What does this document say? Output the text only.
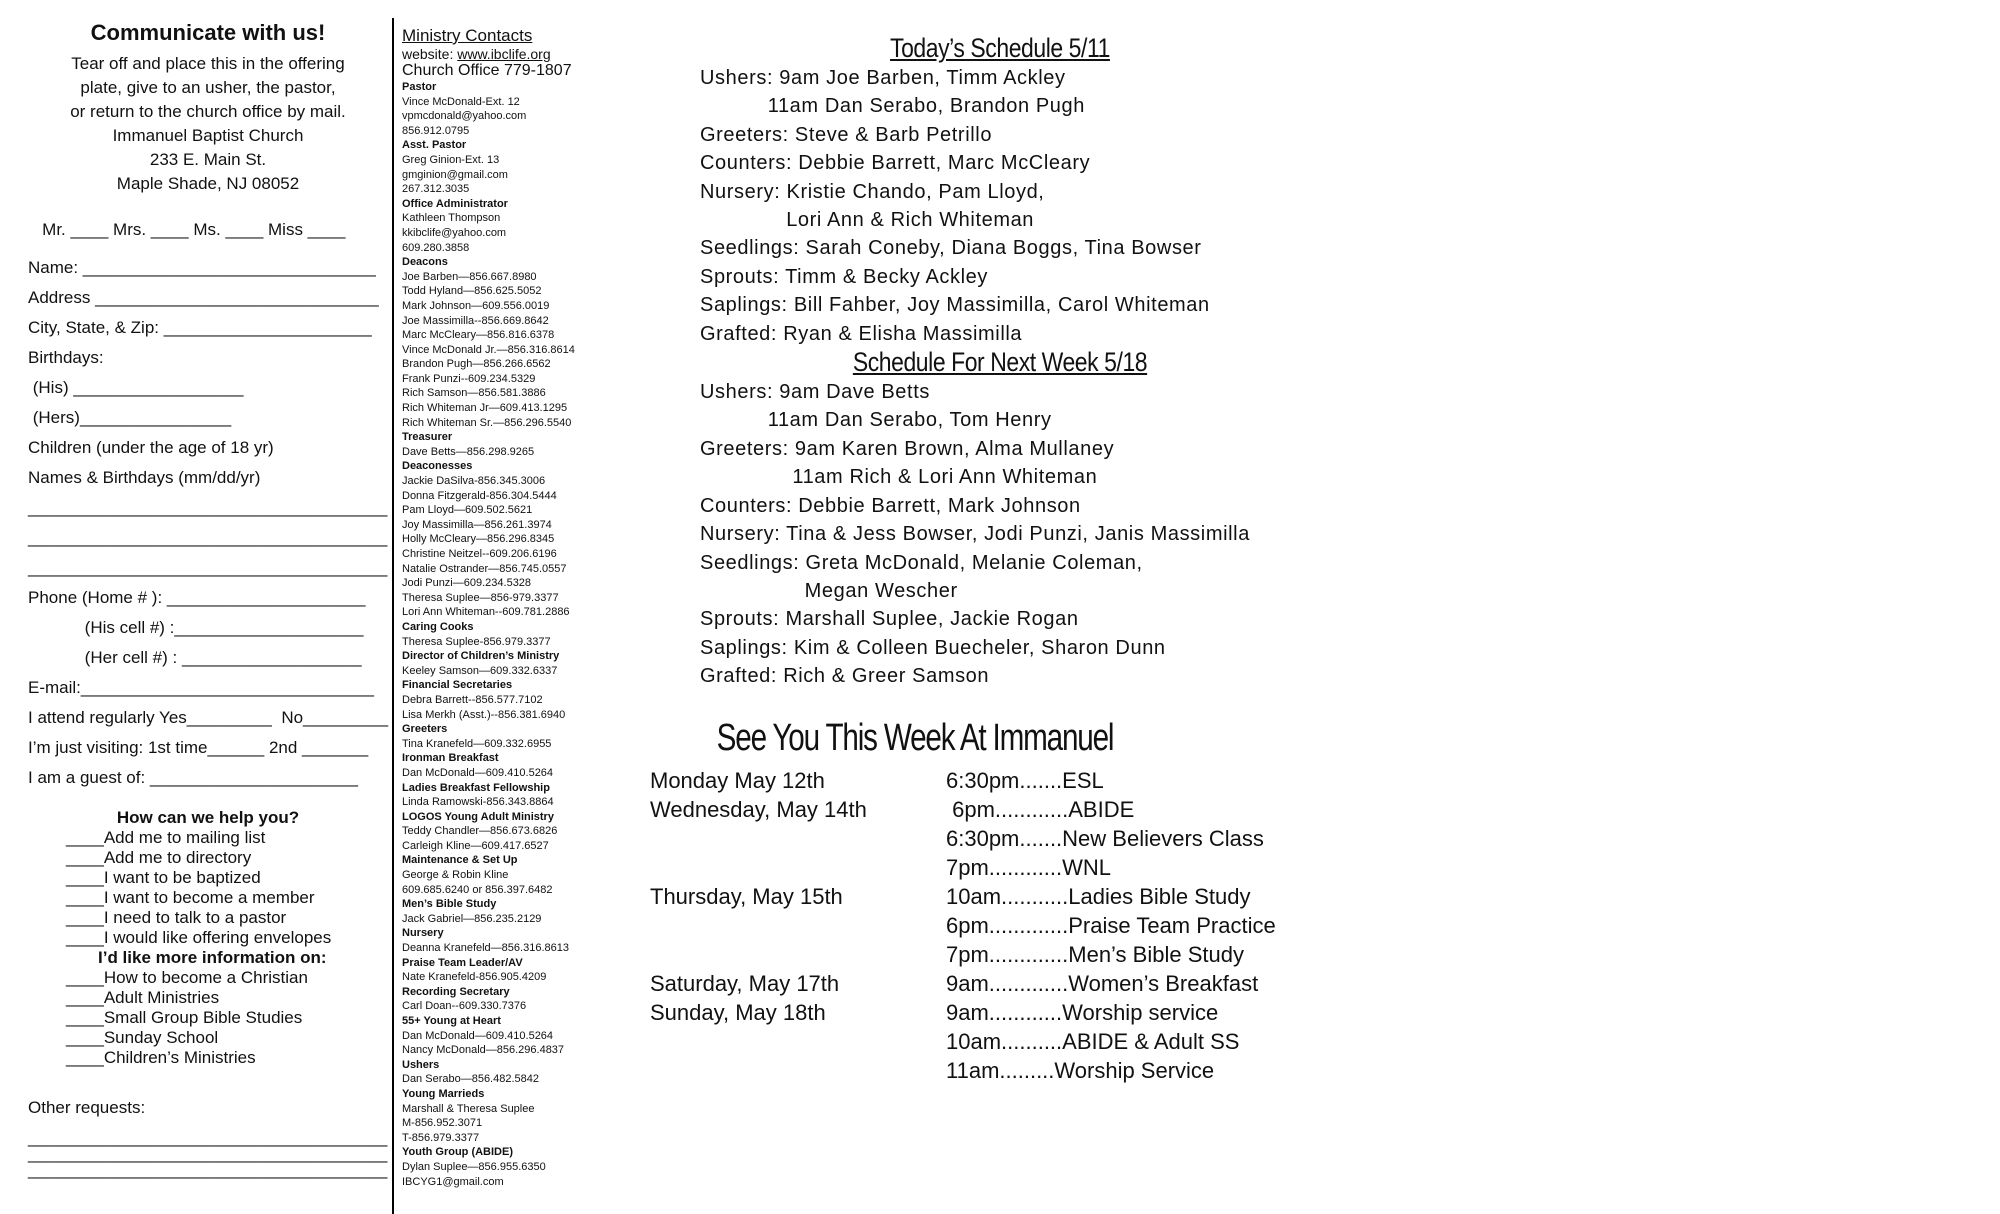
Communicate with us!
Tear off and place this in the offering
plate, give to an usher, the pastor,
or return to the church office by mail.
Immanuel Baptist Church
233 E. Main St.
Maple Shade, NJ 08052
Mr. ____ Mrs. ____ Ms. ____ Miss ____
Name: _______________________________
Address ______________________________
City, State, & Zip: ______________________
Birthdays:
(His) __________________
(Hers)________________
Children (under the age of 18 yr)
Names & Birthdays (mm/dd/yr)
______________________________________
______________________________________
______________________________________
Phone (Home # ): _____________________
(His cell #) :____________________
(Her cell #) : ___________________
E-mail:_______________________________
I attend regularly Yes_________  No_________
I’m just visiting: 1st time______ 2nd _______
I am a guest of: ______________________
How can we help you?
____Add me to mailing list
____Add me to directory
____I want to be baptized
____I want to become a member
____I need to talk to a pastor
____I would like offering envelopes
I’d like more information on:
____How to become a Christian
____Adult Ministries
____Small Group Bible Studies
____Sunday School
____Children’s Ministries
Other requests:
______________________________________
______________________________________
______________________________________
Ministry Contacts
website: www.ibclife.org
Church Office 779-1807
Pastor
Vince McDonald-Ext. 12
vpmcdonald@yahoo.com
856.912.0795
Asst. Pastor
Greg Ginion-Ext. 13
gmginion@gmail.com
267.312.3035
Office Administrator
Kathleen Thompson
kkibclife@yahoo.com
609.280.3858
Deacons
Joe Barben—856.667.8980
Todd Hyland—856.625.5052
Mark Johnson—609.556.0019
Joe Massimilla--856.669.8642
Marc McCleary—856.816.6378
Vince McDonald Jr.—856.316.8614
Brandon Pugh—856.266.6562
Frank Punzi--609.234.5329
Rich Samson—856.581.3886
Rich Whiteman Jr—609.413.1295
Rich Whiteman Sr.—856.296.5540
Treasurer
Dave Betts—856.298.9265
Deaconesses
Jackie DaSilva-856.345.3006
Donna Fitzgerald-856.304.5444
Pam Lloyd—609.502.5621
Joy Massimilla—856.261.3974
Holly McCleary—856.296.8345
Christine Neitzel--609.206.6196
Natalie Ostrander—856.745.0557
Jodi Punzi—609.234.5328
Theresa Suplee—856-979.3377
Lori Ann Whiteman--609.781.2886
Caring Cooks
Theresa Suplee-856.979.3377
Director of Children’s Ministry
Keeley Samson—609.332.6337
Financial Secretaries
Debra Barrett--856.577.7102
Lisa Merkh (Asst.)--856.381.6940
Greeters
Tina Kranefeld—609.332.6955
Ironman Breakfast
Dan McDonald—609.410.5264
Ladies Breakfast Fellowship
Linda Ramowski-856.343.8864
LOGOS Young Adult Ministry
Teddy Chandler—856.673.6826
Carleigh Kline—609.417.6527
Maintenance & Set Up
George & Robin Kline
609.685.6240 or 856.397.6482
Men’s Bible Study
Jack Gabriel—856.235.2129
Nursery
Deanna Kranefeld—856.316.8613
Praise Team Leader/AV
Nate Kranefeld-856.905.4209
Recording Secretary
Carl Doan--609.330.7376
55+ Young at Heart
Dan McDonald—609.410.5264
Nancy McDonald—856.296.4837
Ushers
Dan Serabo—856.482.5842
Young Marrieds
Marshall & Theresa Suplee
M-856.952.3071
T-856.979.3377
Youth Group (ABIDE)
Dylan Suplee—856.955.6350
IBCYG1@gmail.com
Today’s Schedule 5/11
Ushers: 9am Joe Barben, Timm Ackley
11am Dan Serabo, Brandon Pugh
Greeters: Steve & Barb Petrillo
Counters: Debbie Barrett, Marc McCleary
Nursery: Kristie Chando, Pam Lloyd,
Lori Ann & Rich Whiteman
Seedlings: Sarah Coneby, Diana Boggs, Tina Bowser
Sprouts: Timm & Becky Ackley
Saplings: Bill Fahber, Joy Massimilla, Carol Whiteman
Grafted: Ryan & Elisha Massimilla
Schedule For Next Week 5/18
Ushers: 9am Dave Betts
11am Dan Serabo, Tom Henry
Greeters: 9am Karen Brown, Alma Mullaney
11am Rich & Lori Ann Whiteman
Counters: Debbie Barrett, Mark Johnson
Nursery: Tina & Jess Bowser, Jodi Punzi, Janis Massimilla
Seedlings: Greta McDonald, Melanie Coleman,
Megan Wescher
Sprouts: Marshall Suplee, Jackie Rogan
Saplings: Kim & Colleen Buecheler, Sharon Dunn
Grafted: Rich & Greer Samson
See You This Week At Immanuel
Monday May 12th	6:30pm.......ESL
Wednesday, May 14th	6pm............ABIDE
6:30pm.......New Believers Class
7pm............WNL
Thursday, May 15th	10am...........Ladies Bible Study
6pm.............Praise Team Practice
7pm.............Men’s Bible Study
Saturday, May 17th	9am.............Women’s Breakfast
Sunday, May 18th	9am............Worship service
10am..........ABIDE & Adult SS
11am.........Worship Service
